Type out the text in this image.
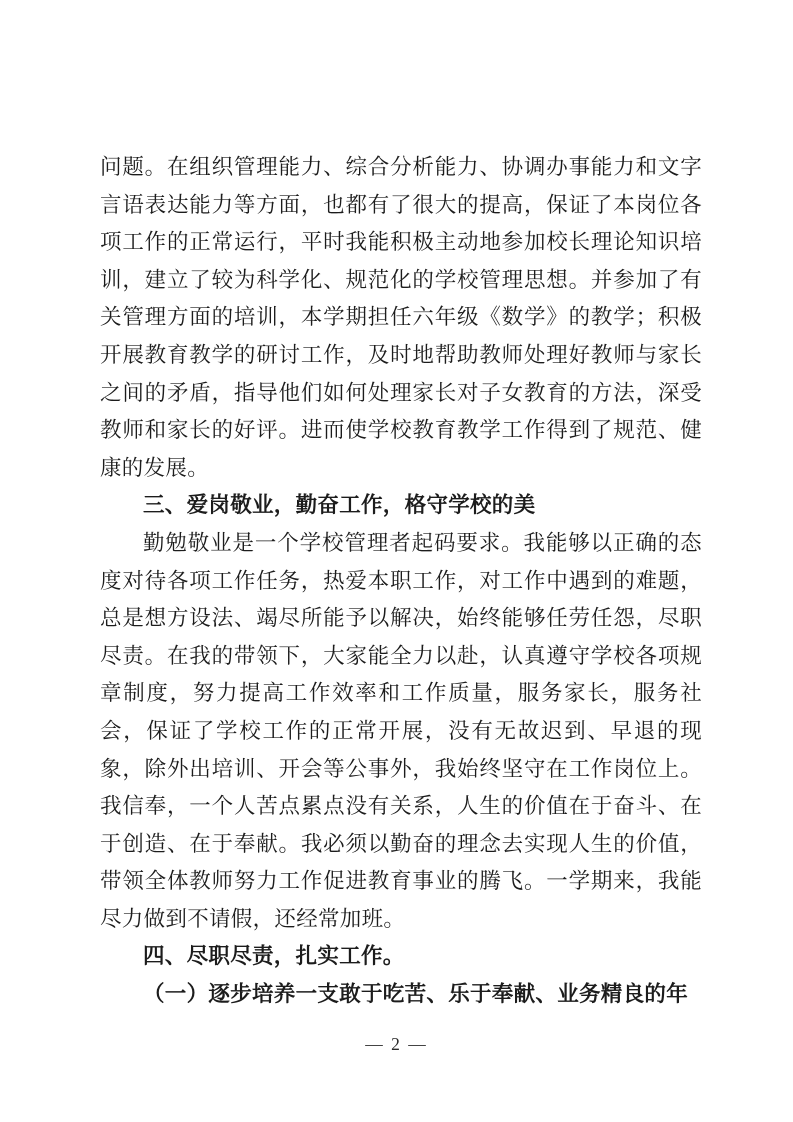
问题。在组织管理能力、综合分析能力、协调办事能力和文字言语表达能力等方面，也都有了很大的提高，保证了本岗位各项工作的正常运行，平时我能积极主动地参加校长理论知识培训，建立了较为科学化、规范化的学校管理思想。并参加了有关管理方面的培训，本学期担任六年级《数学》的教学；积极开展教育教学的研讨工作，及时地帮助教师处理好教师与家长之间的矛盾，指导他们如何处理家长对子女教育的方法，深受教师和家长的好评。进而使学校教育教学工作得到了规范、健康的发展。

三、爱岗敬业，勤奋工作，格守学校的美

勤勉敬业是一个学校管理者起码要求。我能够以正确的态度对待各项工作任务，热爱本职工作，对工作中遇到的难题，总是想方设法、竭尽所能予以解决，始终能够任劳任怨，尽职尽责。在我的带领下，大家能全力以赴，认真遵守学校各项规章制度，努力提高工作效率和工作质量，服务家长，服务社会，保证了学校工作的正常开展，没有无故迟到、早退的现象，除外出培训、开会等公事外，我始终坚守在工作岗位上。我信奉，一个人苦点累点没有关系，人生的价值在于奋斗、在于创造、在于奉献。我必须以勤奋的理念去实现人生的价值，带领全体教师努力工作促进教育事业的腾飞。一学期来，我能尽力做到不请假，还经常加班。

四、尽职尽责，扎实工作。

（一）逐步培养一支敢于吃苦、乐于奉献、业务精良的年

— 2 —
